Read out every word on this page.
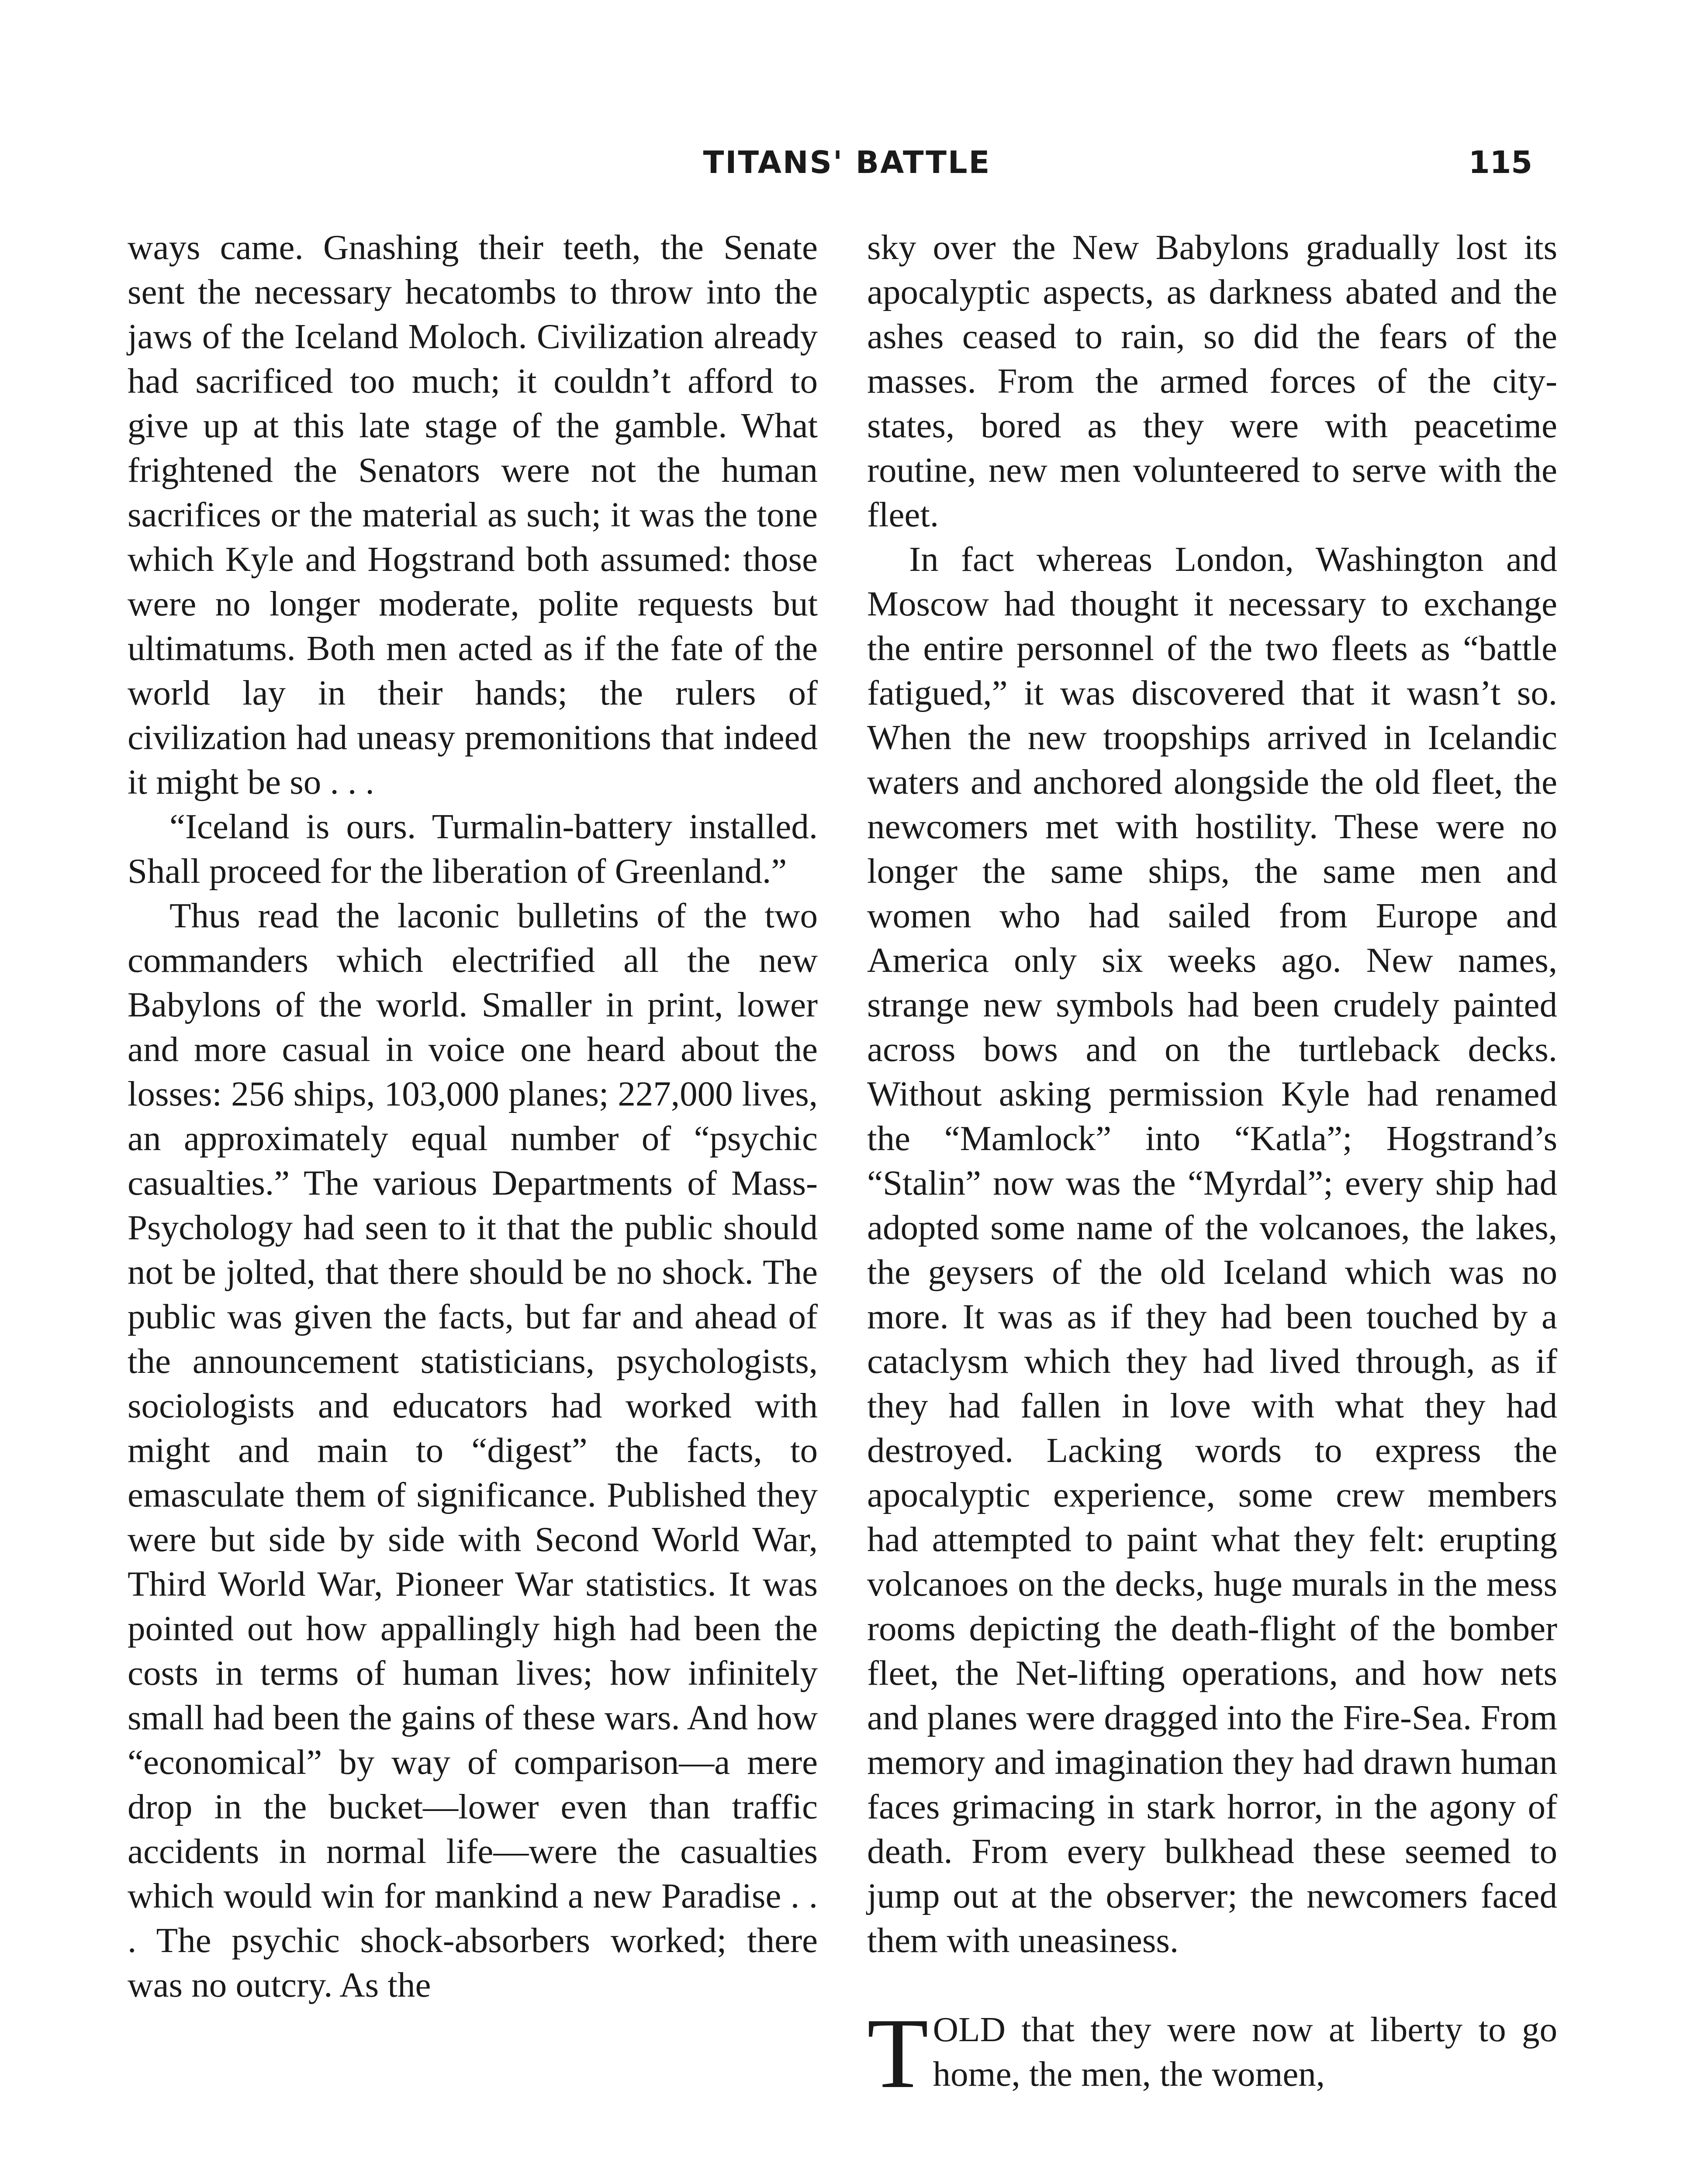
TITANS' BATTLE	115

ways came. Gnashing their teeth, the Senate sent the necessary hecatombs to throw into the jaws of the Iceland Moloch. Civilization already had sacrificed too much; it couldn’t afford to give up at this late stage of the gamble. What frightened the Senators were not the human sacrifices or the material as such; it was the tone which Kyle and Hogstrand both assumed: those were no longer moderate, polite requests but ultimatums. Both men acted as if the fate of the world lay in their hands; the rulers of civilization had uneasy premonitions that indeed it might be so . . .

“Iceland is ours. Turmalin-battery installed. Shall proceed for the liberation of Greenland.”

Thus read the laconic bulletins of the two commanders which electrified all the new Babylons of the world. Smaller in print, lower and more casual in voice one heard about the losses: 256 ships, 103,000 planes; 227,000 lives, an approximately equal number of “psychic casualties.” The various Departments of Mass-Psychology had seen to it that the public should not be jolted, that there should be no shock. The public was given the facts, but far and ahead of the announcement statisticians, psychologists, sociologists and educators had worked with might and main to “digest” the facts, to emasculate them of significance. Published they were but side by side with Second World War, Third World War, Pioneer War statistics. It was pointed out how appallingly high had been the costs in terms of human lives; how infinitely small had been the gains of these wars. And how “economical” by way of comparison—a mere drop in the bucket—lower even than traffic accidents in normal life—were the casualties which would win for mankind a new Paradise . . . The psychic shock-absorbers worked; there was no outcry. As the

sky over the New Babylons gradually lost its apocalyptic aspects, as darkness abated and the ashes ceased to rain, so did the fears of the masses. From the armed forces of the city-states, bored as they were with peacetime routine, new men volunteered to serve with the fleet.

In fact whereas London, Washington and Moscow had thought it necessary to exchange the entire personnel of the two fleets as “battle fatigued,” it was discovered that it wasn’t so. When the new troopships arrived in Icelandic waters and anchored alongside the old fleet, the newcomers met with hostility. These were no longer the same ships, the same men and women who had sailed from Europe and America only six weeks ago. New names, strange new symbols had been crudely painted across bows and on the turtleback decks. Without asking permission Kyle had renamed the “Mamlock” into “Katla”; Hogstrand’s “Stalin” now was the “Myrdal”; every ship had adopted some name of the volcanoes, the lakes, the geysers of the old Iceland which was no more. It was as if they had been touched by a cataclysm which they had lived through, as if they had fallen in love with what they had destroyed. Lacking words to express the apocalyptic experience, some crew members had attempted to paint what they felt: erupting volcanoes on the decks, huge murals in the mess rooms depicting the death-flight of the bomber fleet, the Net-lifting operations, and how nets and planes were dragged into the Fire-Sea. From memory and imagination they had drawn human faces grimacing in stark horror, in the agony of death. From every bulkhead these seemed to jump out at the observer; the newcomers faced them with uneasiness.

TOLD that they were now at liberty to go home, the men, the women,
